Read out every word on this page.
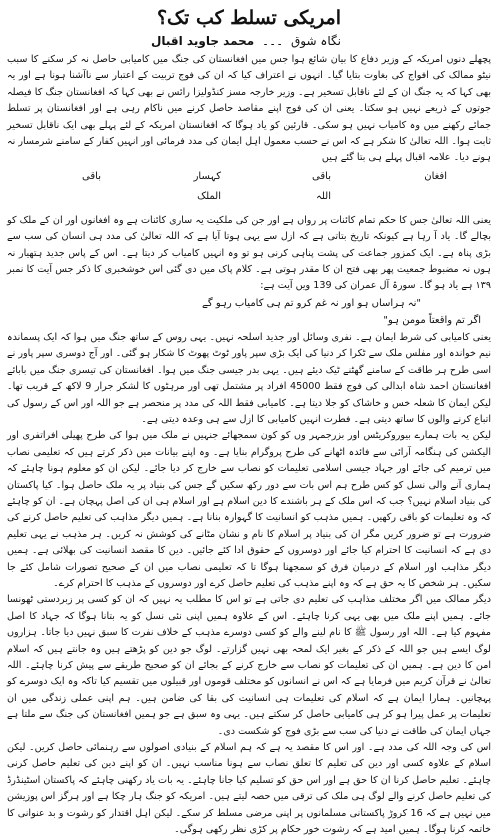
امریکی تسلط کب تک؟
نگاہ شوق ۔۔۔ محمد جاوید اقبال

پچھلے دنوں امریکہ کے وزیر دفاع کا بیان شائع ہوا جس میں افغانستان کی جنگ میں کامیابی حاصل نہ کر سکنے کا سبب نیٹو ممالک کی افواج کی بغاوت بتایا گیا۔ انہوں نے اعتراف کیا کہ ان کی فوج تربیت کے اعتبار سے ناآشنا ہونا ہے اور یہ بھی کہا کہ یہ جنگ ان کے لئے ناقابل تسخیر ہے۔ وزیر خارجہ مسز کنڈولیزا رائس نے بھی کہا کہ افغانستان جنگ کا فیصلہ جوتوں کے ذریعے نہیں ہو سکتا۔ یعنی ان کی فوج اپنے مقاصد حاصل کرنے میں ناکام رہی ہے اور افغانستان پر تسلط جمائے رکھنے میں وہ کامیاب نہیں ہو سکی۔ قارئین کو یاد ہوگا کہ افغانستان امریکہ کے لئے پہلے بھی ایک ناقابل تسخیر ثابت ہوا۔ اللہ تعالیٰ کا شکر ہے کہ اس نے حسب معمول اہل ایمان کی مدد فرمائی اور انہیں کفار کے سامنے شرمسار نہ ہونے دیا۔ علامہ اقبال پہلے ہی بتا گئے ہیں

افغان
باقی
کہسار
باقی
اللہ
الملک

یعنی اللہ تعالیٰ جس کا حکم تمام کائنات پر رواں ہے اور جن کی ملکیت یہ ساری کائنات ہے وہ افغانوں اور ان کے ملک کو بچالے گا۔ یاد آ رہا ہے کیونکہ تاریخ بتاتی ہے کہ ازل سے یہی ہوتا آیا ہے کہ اللہ تعالیٰ کی مدد ہی انسان کی سب سے بڑی پناہ ہے۔ ایک کمزور جماعت کی پشت پناہی کرنی ہو تو وہ انہیں کامیاب کر دیتا ہے۔ اس کے پاس جدید ہتھیار نہ ہوں نہ مضبوط جمعیت پھر بھی فتح ان کا مقدر ہوتی ہے۔ کلام پاک میں دی گئی اس خوشخبری کا ذکر جس آیت کا نمبر ۱۳۹ ہے یاد ہو گا۔ سورۃ آل عمران کی 139 ویں آیت ہے:

"نہ ہراساں ہو اور نہ غم کرو تم ہی کامیاب رہو گے
اگر تم واقعتاً مومن ہو"

یعنی کامیابی کی شرط ایمان ہے۔ نفری وسائل اور جدید اسلحہ نہیں۔ یہی روس کے ساتھ جنگ میں ہوا کہ ایک پسماندہ نیم خواندہ اور مفلس ملک سے ٹکرا کر دنیا کی ایک بڑی سپر پاور ٹوٹ پھوٹ کا شکار ہو گئی۔ اور آج دوسری سپر پاور نے اسی طرح ہر طاقت کے سامنے گھٹنے ٹیک دیئے ہیں۔ یہی بدر جیسی جنگ میں ہوا۔ افغانستان کی تیسری جنگ میں بابائے افغانستان احمد شاہ ابدالی کی فوج فقط 45000 افراد پر مشتمل تھی اور مرہٹوں کا لشکر جرار 9 لاکھ کے قریب تھا۔ لیکن ایمان کا شعلہ خس و خاشاک کو جلا دیتا ہے۔ کامیابی فقط اللہ کی مدد پر منحصر ہے جو اللہ اور اس کے رسول کی اتباع کرنے والوں کا ساتھ دیتی ہے۔ فطرت انہیں کامیابی کا ازل سے ہی وعدہ دیتی ہے۔

لیکن یہ بات ہمارے بیوروکریٹس اور بزرجمہر وں کو کون سمجھائے جنہیں نے ملک میں ہوا کی طرح پھیلی افراتفری اور الیکشن کی ہنگامہ آرائی سے فائدہ اٹھانے کی طرح پروگرام بنایا ہے۔ وہ اپنے بیانات میں ذکر کرتے ہیں کہ تعلیمی نصاب میں ترمیم کی جائے اور جہاد جیسی اسلامی تعلیمات کو نصاب سے خارج کر دیا جائے۔ لیکن ان کو معلوم ہونا چاہئے کہ ہماری آنے والی نسل کو کس طرح ہم اس بات سے دور رکھ سکیں گے جس کی بنیاد پر یہ ملک حاصل ہوا۔ کیا پاکستان کی بنیاد اسلام نہیں؟ جب کہ اس ملک کے ہر باشندے کا دین اسلام ہے اور اسلام ہی ان کی اصل پہچان ہے۔ ان کو چاہئے کہ وہ تعلیمات کو باقی رکھیں۔ ہمیں مذہب کو انسانیت کا گہوارہ بنانا ہے۔ ہمیں دیگر مذاہب کی تعلیم حاصل کرنے کی ضرورت ہے تو ضرور کریں مگر ان کی بنیاد پر اسلام کا نام و نشان مٹانے کی کوشش نہ کریں۔ ہر مذہب نے یہی تعلیم دی ہے کہ انسانیت کا احترام کیا جائے اور دوسروں کے حقوق ادا کئے جائیں۔ دین کا مقصد انسانیت کی بھلائی ہے۔ ہمیں دیگر مذاہب اور اسلام کے درمیان فرق کو سمجھنا ہوگا تا کہ تعلیمی نصاب میں ان کے صحیح تصورات شامل کئے جا سکیں۔ ہر شخص کا یہ حق ہے کہ وہ اپنے مذہب کی تعلیم حاصل کرے اور دوسروں کے مذہب کا احترام کرے۔

دیگر ممالک میں اگر مختلف مذاہب کی تعلیم دی جاتی ہے تو اس کا مطلب یہ نہیں کہ ان کو کسی پر زبردستی ٹھونسا جائے۔ ہمیں اپنے ملک میں بھی یہی کرنا چاہئے۔ اس کے علاوہ ہمیں اپنی نئی نسل کو یہ بتانا ہوگا کہ جہاد کا اصل مفہوم کیا ہے۔ اللہ اور رسول ﷺ کا نام لینے والے کو کسی دوسرے مذہب کے خلاف نفرت کا سبق نہیں دیا جاتا۔ ہزاروں لوگ ایسے ہیں جو اللہ کے ذکر کے بغیر ایک لمحہ بھی نہیں گزارتے۔ لوگ جو دین کو پڑھتے ہیں وہ جانتے ہیں کہ اسلام امن کا دین ہے۔ ہمیں ان کی تعلیمات کو نصاب سے خارج کرنے کے بجائے ان کو صحیح طریقے سے پیش کرنا چاہئے۔ اللہ تعالیٰ نے قرآن کریم میں فرمایا ہے کہ اس نے انسانوں کو مختلف قوموں اور قبیلوں میں تقسیم کیا تاکہ وہ ایک دوسرے کو پہچانیں۔ ہمارا ایمان ہے کہ اسلام کی تعلیمات ہی انسانیت کی بقا کی ضامن ہیں۔ ہم اپنی عملی زندگی میں ان تعلیمات پر عمل پیرا ہو کر ہی کامیابی حاصل کر سکتے ہیں۔ یہی وہ سبق ہے جو ہمیں افغانستان کی جنگ سے ملتا ہے جہاں ایمان کی طاقت نے دنیا کی سب سے بڑی فوج کو شکست دی۔

اس کی وجہ اللہ کی مدد ہے۔ اور اس کا مقصد یہ ہے کہ ہم اسلام کے بنیادی اصولوں سے رہنمائی حاصل کریں۔ لیکن اسلام کے علاوہ کسی اور دین کی تعلیم کا تعلق نصاب سے ہونا مناسب نہیں۔ ان کو اپنے دین کی تعلیم حاصل کرنی چاہئے۔ تعلیم حاصل کرنا ان کا حق ہے اور اس حق کو تسلیم کیا جانا چاہئے۔ یہ بات یاد رکھنی چاہئے کہ پاکستان اسٹینڈرڈ کی تعلیم حاصل کرنے والے لوگ ہی ملک کی ترقی میں حصہ لیتے ہیں۔ امریکہ کو جنگ ہار چکا ہے اور ہرگز اس پوزیشن میں نہیں ہے کہ 16 کروڑ پاکستانی مسلمانوں پر اپنی مرضی مسلط کر سکے۔ لیکن اہل اقتدار کو رشوت و بد عنوانی کا خاتمہ کرنا ہوگا۔ ہمیں امید ہے کہ رشوت خور حکام پر کڑی نظر رکھی ہوگی۔
